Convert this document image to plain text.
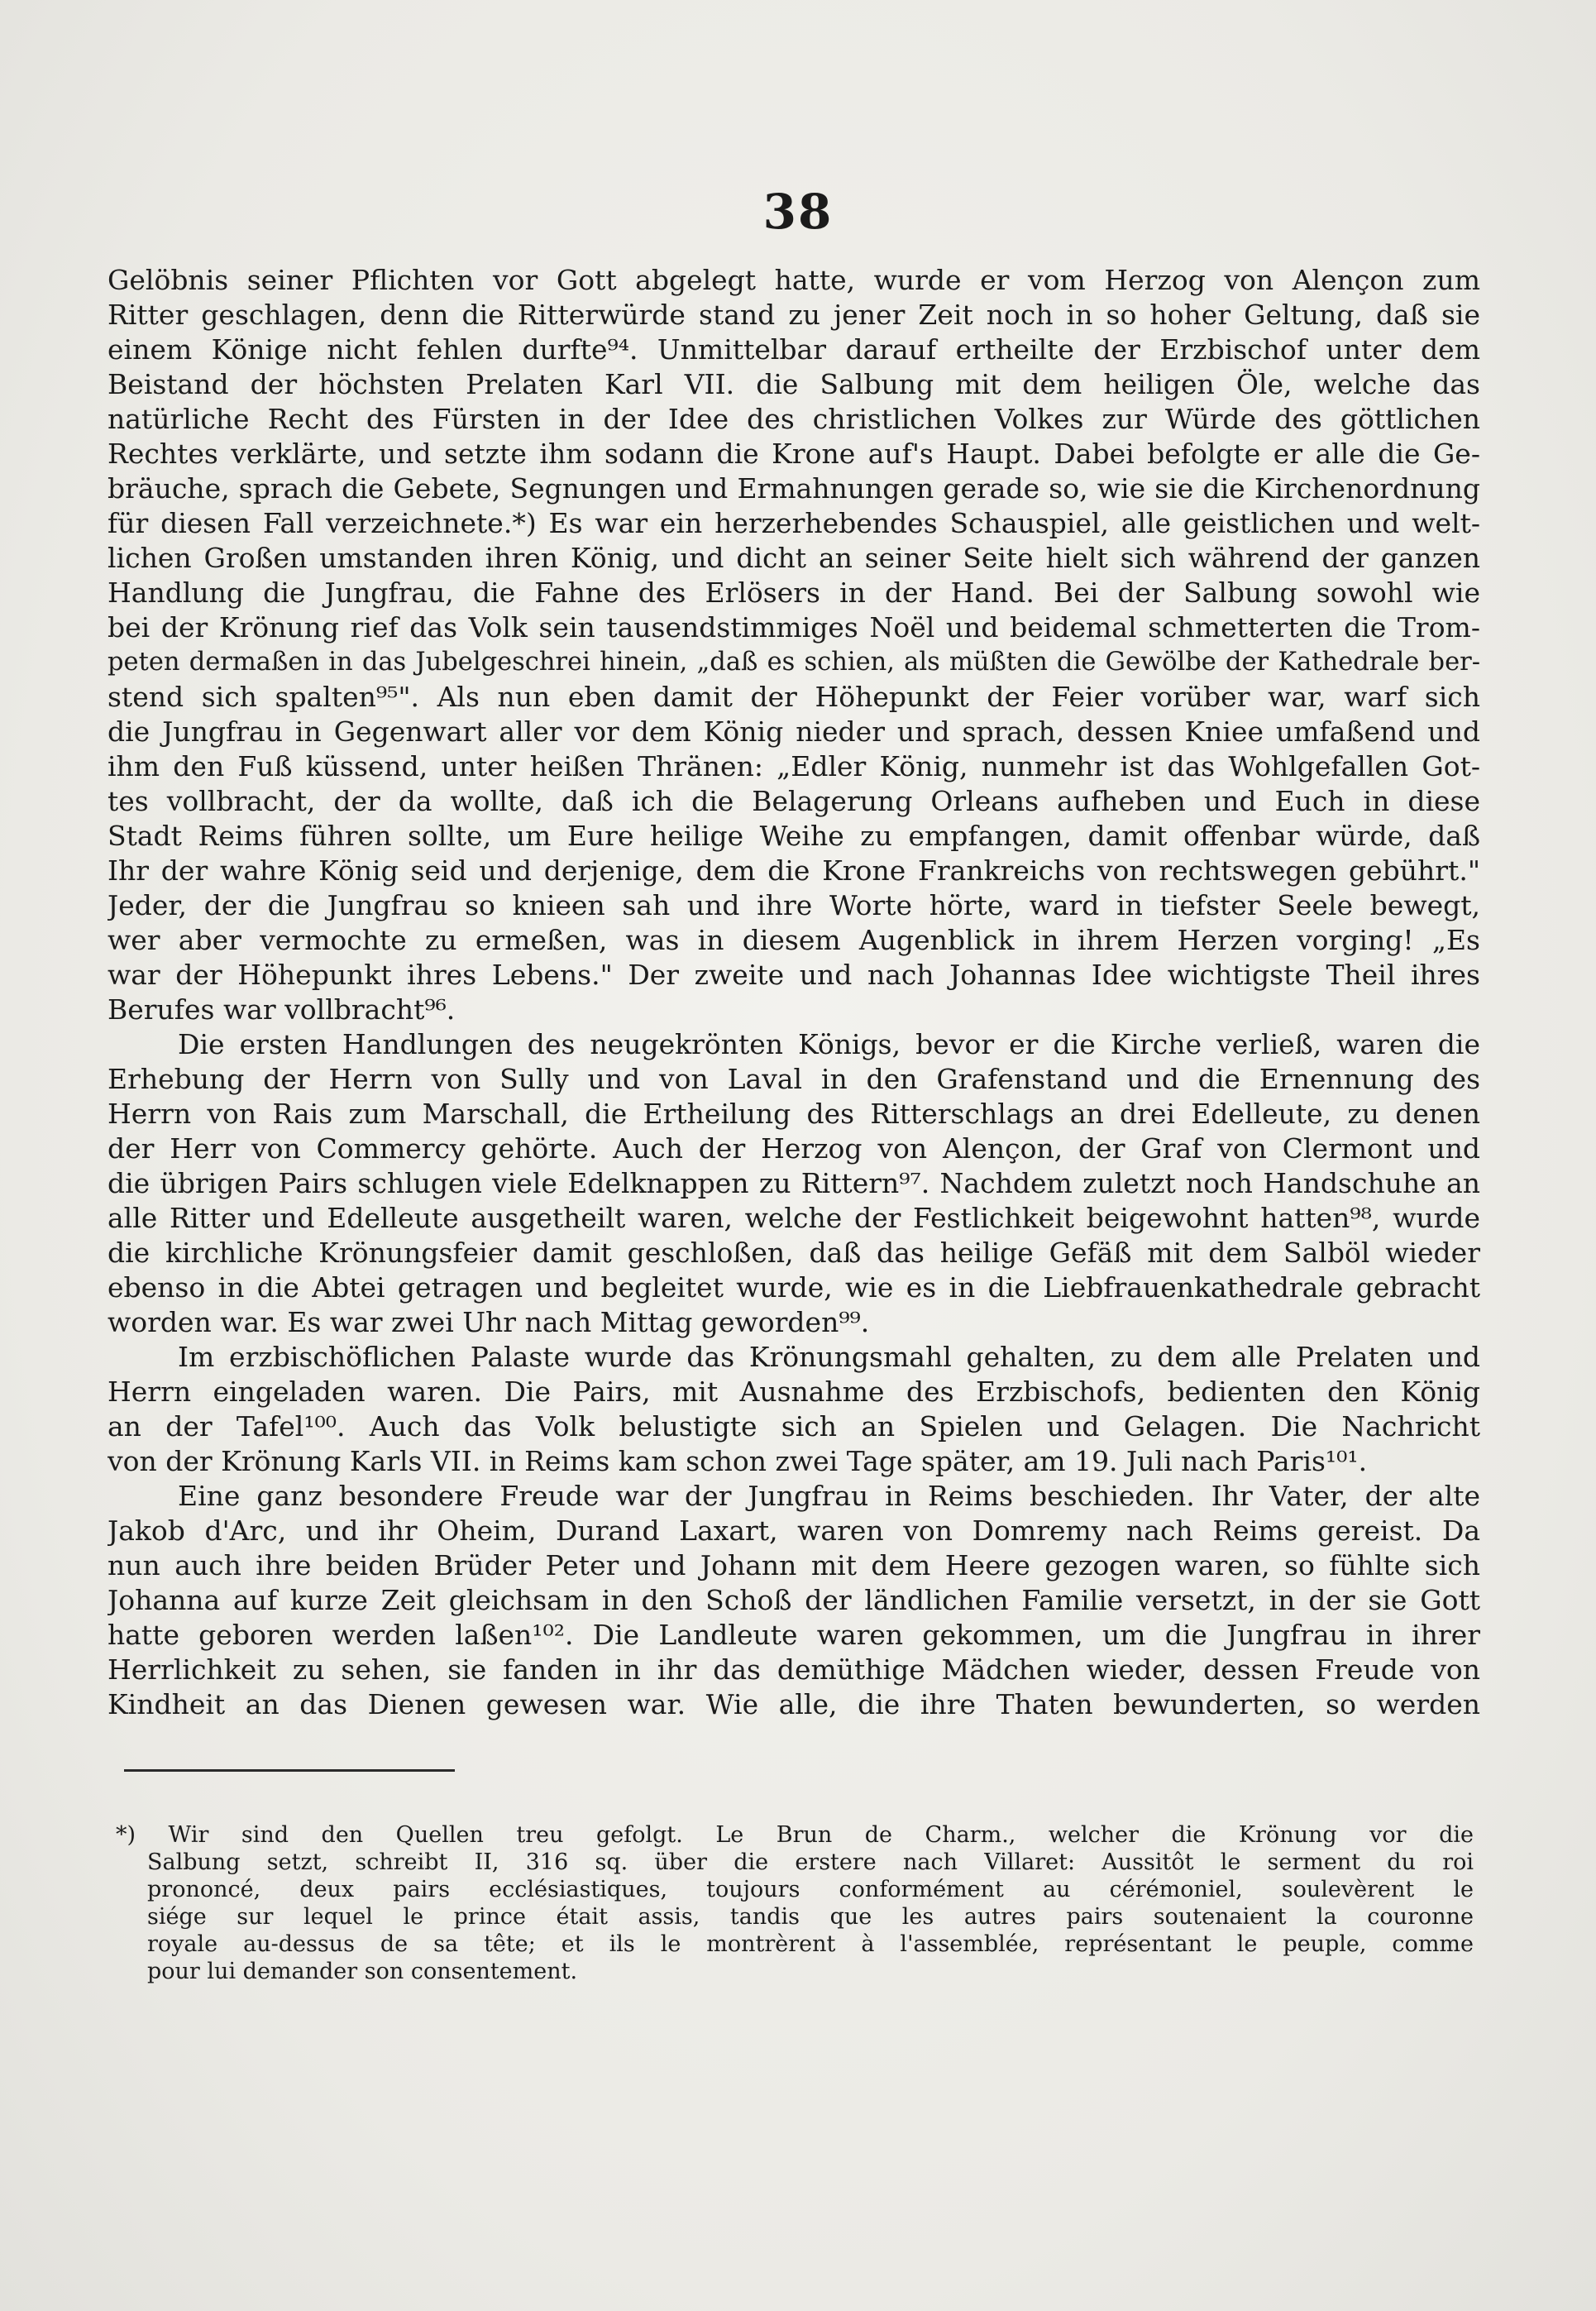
38
Gelöbnis seiner Pflichten vor Gott abgelegt hatte, wurde er vom Herzog von Alençon zum
Ritter geschlagen, denn die Ritterwürde stand zu jener Zeit noch in so hoher Geltung, daß sie
einem Könige nicht fehlen durfte⁹⁴. Unmittelbar darauf ertheilte der Erzbischof unter dem
Beistand der höchsten Prelaten Karl VII. die Salbung mit dem heiligen Öle, welche das
natürliche Recht des Fürsten in der Idee des christlichen Volkes zur Würde des göttlichen
Rechtes verklärte, und setzte ihm sodann die Krone auf's Haupt. Dabei befolgte er alle die Ge-
bräuche, sprach die Gebete, Segnungen und Ermahnungen gerade so, wie sie die Kirchenordnung
für diesen Fall verzeichnete.*) Es war ein herzerhebendes Schauspiel, alle geistlichen und welt-
lichen Großen umstanden ihren König, und dicht an seiner Seite hielt sich während der ganzen
Handlung die Jungfrau, die Fahne des Erlösers in der Hand. Bei der Salbung sowohl wie
bei der Krönung rief das Volk sein tausendstimmiges Noël und beidemal schmetterten die Trom-
peten dermaßen in das Jubelgeschrei hinein, „daß es schien, als müßten die Gewölbe der Kathedrale ber-
stend sich spalten⁹⁵". Als nun eben damit der Höhepunkt der Feier vorüber war, warf sich
die Jungfrau in Gegenwart aller vor dem König nieder und sprach, dessen Kniee umfaßend und
ihm den Fuß küssend, unter heißen Thränen: „Edler König, nunmehr ist das Wohlgefallen Got-
tes vollbracht, der da wollte, daß ich die Belagerung Orleans aufheben und Euch in diese
Stadt Reims führen sollte, um Eure heilige Weihe zu empfangen, damit offenbar würde, daß
Ihr der wahre König seid und derjenige, dem die Krone Frankreichs von rechtswegen gebührt."
Jeder, der die Jungfrau so knieen sah und ihre Worte hörte, ward in tiefster Seele bewegt,
wer aber vermochte zu ermeßen, was in diesem Augenblick in ihrem Herzen vorging! „Es
war der Höhepunkt ihres Lebens." Der zweite und nach Johannas Idee wichtigste Theil ihres
Berufes war vollbracht⁹⁶.
Die ersten Handlungen des neugekrönten Königs, bevor er die Kirche verließ, waren die
Erhebung der Herrn von Sully und von Laval in den Grafenstand und die Ernennung des
Herrn von Rais zum Marschall, die Ertheilung des Ritterschlags an drei Edelleute, zu denen
der Herr von Commercy gehörte. Auch der Herzog von Alençon, der Graf von Clermont und
die übrigen Pairs schlugen viele Edelknappen zu Rittern⁹⁷. Nachdem zuletzt noch Handschuhe an
alle Ritter und Edelleute ausgetheilt waren, welche der Festlichkeit beigewohnt hatten⁹⁸, wurde
die kirchliche Krönungsfeier damit geschloßen, daß das heilige Gefäß mit dem Salböl wieder
ebenso in die Abtei getragen und begleitet wurde, wie es in die Liebfrauenkathedrale gebracht
worden war. Es war zwei Uhr nach Mittag geworden⁹⁹.
Im erzbischöflichen Palaste wurde das Krönungsmahl gehalten, zu dem alle Prelaten und
Herrn eingeladen waren. Die Pairs, mit Ausnahme des Erzbischofs, bedienten den König
an der Tafel¹⁰⁰. Auch das Volk belustigte sich an Spielen und Gelagen. Die Nachricht
von der Krönung Karls VII. in Reims kam schon zwei Tage später, am 19. Juli nach Paris¹⁰¹.
Eine ganz besondere Freude war der Jungfrau in Reims beschieden. Ihr Vater, der alte
Jakob d'Arc, und ihr Oheim, Durand Laxart, waren von Domremy nach Reims gereist. Da
nun auch ihre beiden Brüder Peter und Johann mit dem Heere gezogen waren, so fühlte sich
Johanna auf kurze Zeit gleichsam in den Schoß der ländlichen Familie versetzt, in der sie Gott
hatte geboren werden laßen¹⁰². Die Landleute waren gekommen, um die Jungfrau in ihrer
Herrlichkeit zu sehen, sie fanden in ihr das demüthige Mädchen wieder, dessen Freude von
Kindheit an das Dienen gewesen war. Wie alle, die ihre Thaten bewunderten, so werden
*) Wir sind den Quellen treu gefolgt. Le Brun de Charm., welcher die Krönung vor die
Salbung setzt, schreibt II, 316 sq. über die erstere nach Villaret: Aussitôt le serment du roi
prononcé, deux pairs ecclésiastiques, toujours conformément au cérémoniel, soulevèrent le
siége sur lequel le prince était assis, tandis que les autres pairs soutenaient la couronne
royale au-dessus de sa tête; et ils le montrèrent à l'assemblée, représentant le peuple, comme
pour lui demander son consentement.
